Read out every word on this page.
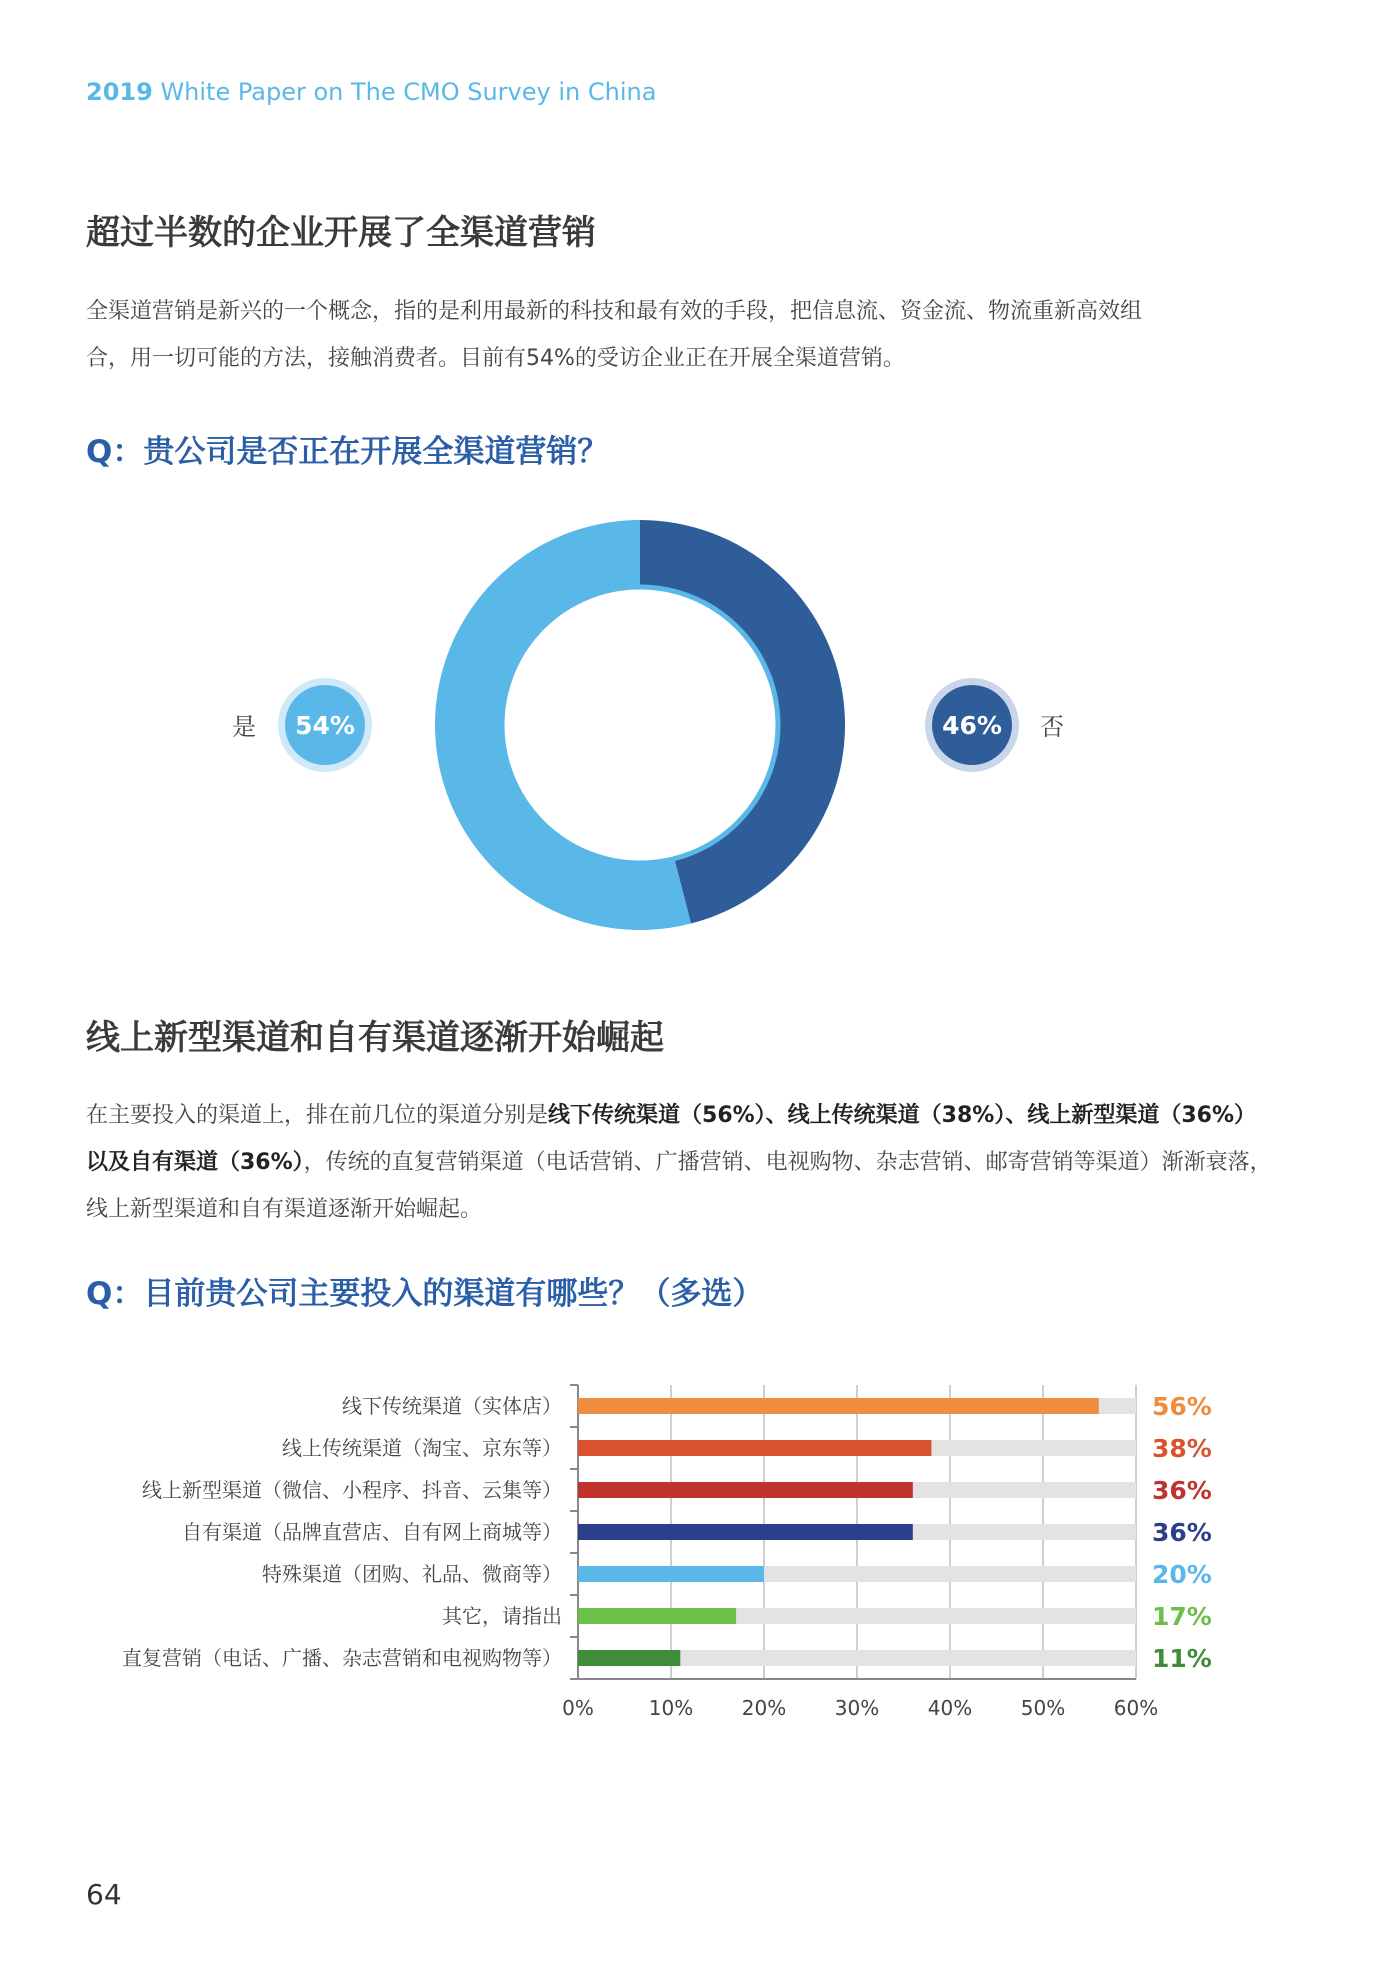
2019 White Paper on The CMO Survey in China
超过半数的企业开展了全渠道营销
全渠道营销是新兴的一个概念，指的是利用最新的科技和最有效的手段，把信息流、资金流、物流重新高效组
合，用一切可能的方法，接触消费者。目前有54%的受访企业正在开展全渠道营销。
Q：贵公司是否正在开展全渠道营销？
是	54%	46%	否
线上新型渠道和自有渠道逐渐开始崛起
在主要投入的渠道上，排在前几位的渠道分别是线下传统渠道（56%）、线上传统渠道（38%）、线上新型渠道（36%）
以及自有渠道（36%），传统的直复营销渠道（电话营销、广播营销、电视购物、杂志营销、邮寄营销等渠道）渐渐衰落，
线上新型渠道和自有渠道逐渐开始崛起。
Q：目前贵公司主要投入的渠道有哪些？（多选）
线下传统渠道（实体店）	56%
线上传统渠道（淘宝、京东等）	38%
线上新型渠道（微信、小程序、抖音、云集等）	36%
自有渠道（品牌直营店、自有网上商城等）	36%
特殊渠道（团购、礼品、微商等）	20%
其它，请指出	17%
直复营销（电话、广播、杂志营销和电视购物等）	11%
0%	10% 20% 30% 40% 50% 60%
64
